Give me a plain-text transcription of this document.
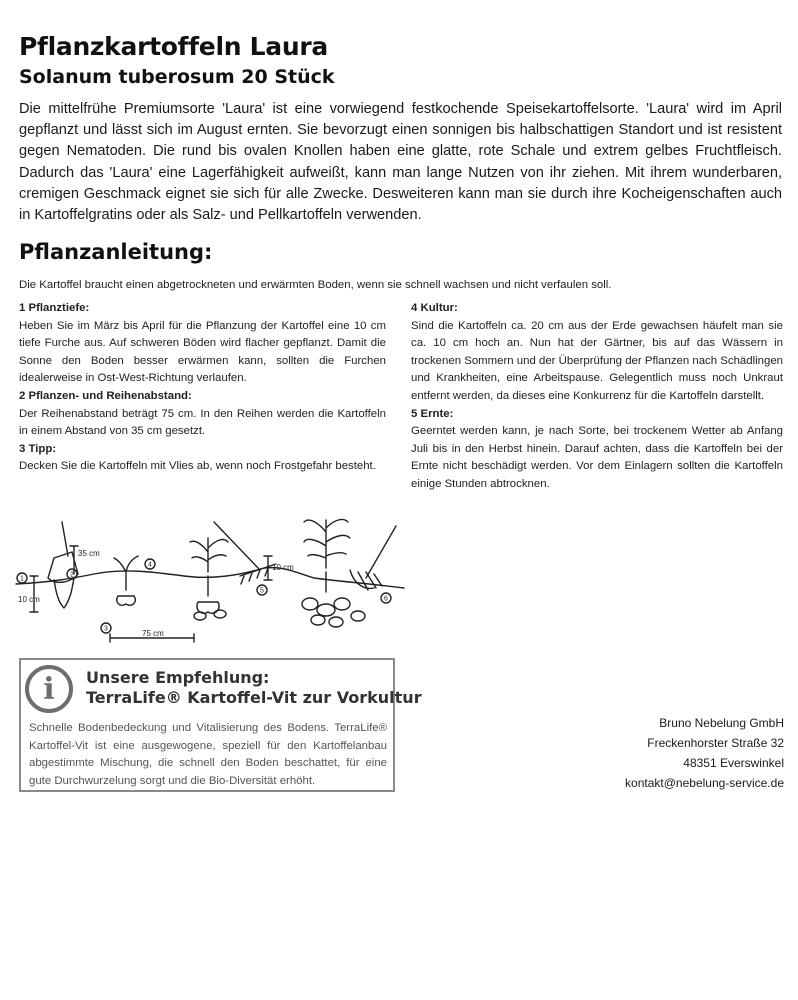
Pflanzkartoffeln Laura
Solanum tuberosum 20 Stück
Die mittelfrühe Premiumsorte 'Laura' ist eine vorwiegend festkochende Speisekartoffelsorte. 'Laura' wird im April gepflanzt und lässt sich im August ernten. Sie bevorzugt einen sonnigen bis halbschattigen Standort und ist resistent gegen Nematoden. Die rund bis ovalen Knollen haben eine glatte, rote Schale und extrem gelbes Fruchtfleisch. Dadurch das 'Laura' eine Lagerfähigkeit aufweißt, kann man lange Nutzen von ihr ziehen. Mit ihrem wunderbaren, cremigen Geschmack eignet sie sich für alle Zwecke. Desweiteren kann man sie durch ihre Kocheigenschaften auch in Kartoffelgratins oder als Salz- und Pellkartoffeln verwenden.
Pflanzanleitung:
Die Kartoffel braucht einen abgetrockneten und erwärmten Boden, wenn sie schnell wachsen und nicht verfaulen soll.
1 Pflanztiefe:

Heben Sie im März bis April für die Pflanzung der Kartoffel eine 10 cm tiefe Furche aus. Auf schweren Böden wird flacher gepflanzt. Damit die Sonne den Boden besser erwärmen kann, sollten die Furchen idealerweise in Ost-West-Richtung verlaufen.

2 Pflanzen- und Reihenabstand:

Der Reihenabstand beträgt 75 cm. In den Reihen werden die Kartoffeln in einem Abstand von 35 cm gesetzt.

3 Tipp:

Decken Sie die Kartoffeln mit Vlies ab, wenn noch Frostgefahr besteht.

4 Kultur:

Sind die Kartoffeln ca. 20 cm aus der Erde gewachsen häufelt man sie ca. 10 cm hoch an. Nun hat der Gärtner, bis auf das Wässern in trockenen Sommern und der Überprüfung der Pflanzen nach Schädlingen und Krankheiten, eine Arbeitspause. Gelegentlich muss noch Unkraut entfernt werden, da dieses eine Konkurrenz für die Kartoffeln darstellt.

5 Ernte:

Geerntet werden kann, je nach Sorte, bei trockenem Wetter ab Anfang Juli bis in den Herbst hinein. Darauf achten, dass die Kartoffeln bei der Ernte nicht beschädigt werden. Vor dem Einlagern sollten die Kartoffeln einige Stunden abtrocknen.

1
2
3
4
5
6
35 cm
10 cm
10 cm
75 cm
i	Unsere Empfehlung:
TerraLife® Kartoffel-Vit zur Vorkultur
Schnelle Bodenbedeckung und Vitalisierung des Bodens. TerraLife® Kartoffel-Vit ist eine ausgewogene, speziell für den Kartoffelanbau abgestimmte Mischung, die schnell den Boden beschattet, für eine gute Durchwurzelung sorgt und die Bio-Diversität erhöht.
Bruno Nebelung GmbH
Freckenhorster Straße 32
48351 Everswinkel
kontakt@nebelung-service.de
